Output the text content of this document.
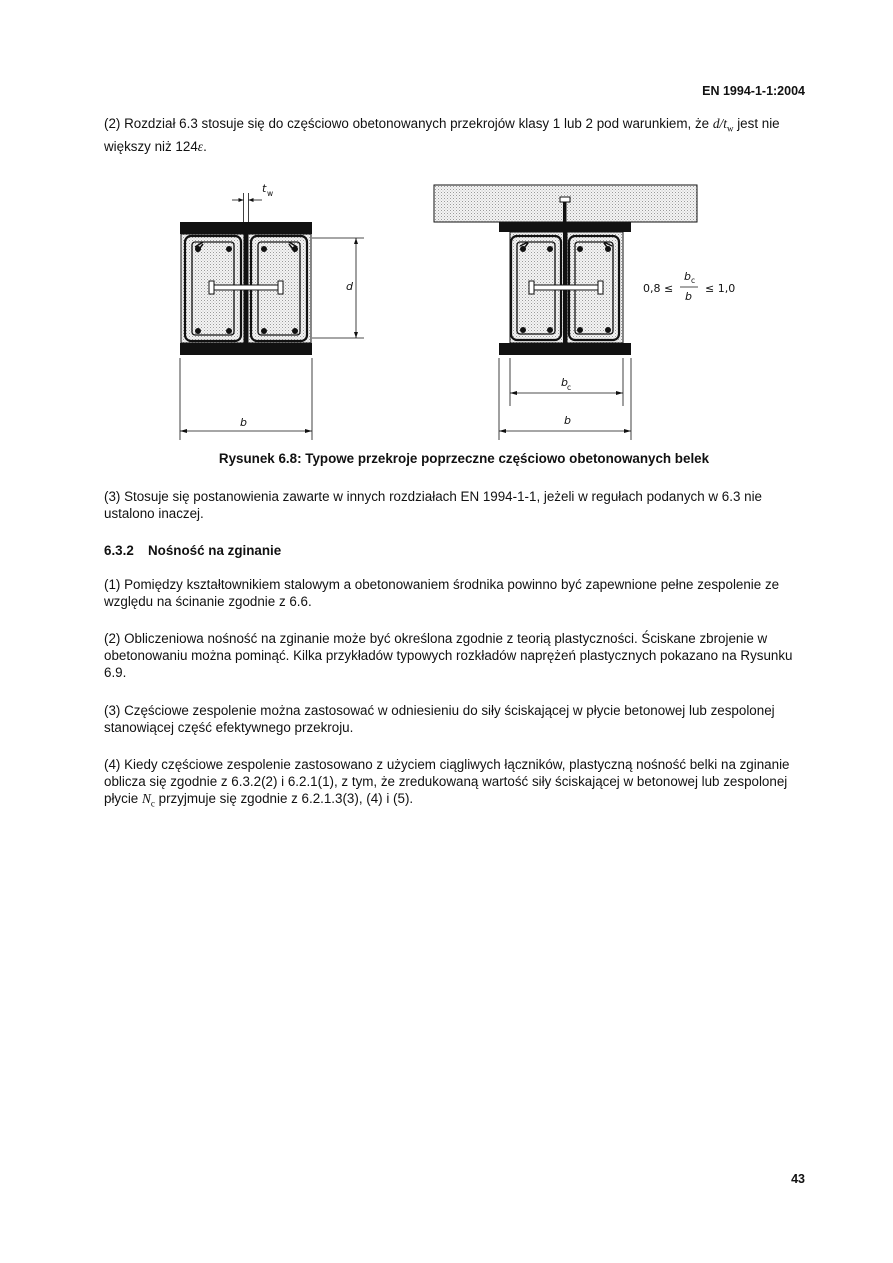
EN 1994-1-1:2004

(2) Rozdział 6.3 stosuje się do częściowo obetonowanych przekrojów klasy 1 lub 2 pod warunkiem, że $d/t_w$ jest nie większy niż 124ε.

t w
d
b
0,8 ≤
b c
b
≤ 1,0
b c
b
Rysunek 6.8: Typowe przekroje poprzeczne częściowo obetonowanych belek

(3) Stosuje się postanowienia zawarte w innych rozdziałach EN 1994-1-1, jeżeli w regułach podanych w 6.3 nie ustalono inaczej.

6.3.2 Nośność na zginanie

(1) Pomiędzy kształtownikiem stalowym a obetonowaniem środnika powinno być zapewnione pełne zespolenie ze względu na ścinanie zgodnie z 6.6.

(2) Obliczeniowa nośność na zginanie może być określona zgodnie z teorią plastyczności. Ściskane zbrojenie w obetonowaniu można pominąć. Kilka przykładów typowych rozkładów naprężeń plastycznych pokazano na Rysunku 6.9.

(3) Częściowe zespolenie można zastosować w odniesieniu do siły ściskającej w płycie betonowej lub zespolonej stanowiącej część efektywnego przekroju.

(4) Kiedy częściowe zespolenie zastosowano z użyciem ciągliwych łączników, plastyczną nośność belki na zginanie oblicza się zgodnie z 6.3.2(2) i 6.2.1(1), z tym, że zredukowaną wartość siły ściskającej w betonowej lub zespolonej płycie $N_c$ przyjmuje się zgodnie z 6.2.1.3(3), (4) i (5).

43
